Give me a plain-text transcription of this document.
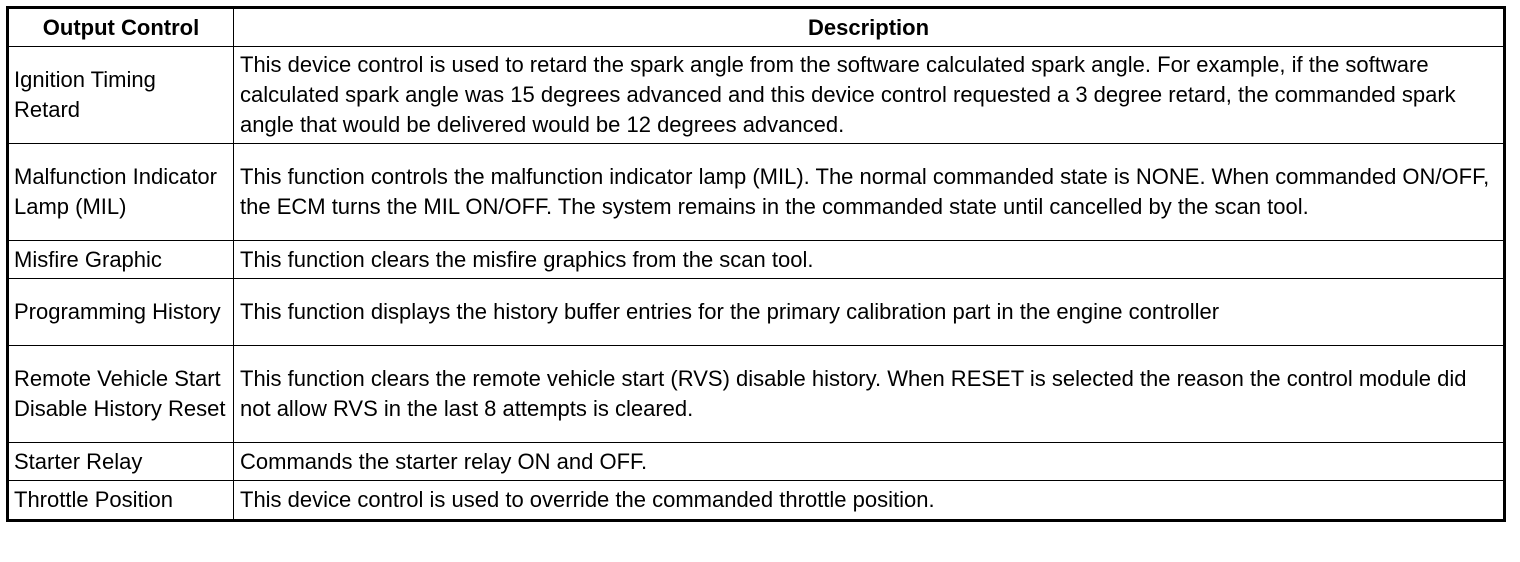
Output Control	Description
Ignition Timing Retard	This device control is used to retard the spark angle from the software calculated spark angle. For example, if the software calculated spark angle was 15 degrees advanced and this device control requested a 3 degree retard, the commanded spark angle that would be delivered would be 12 degrees advanced.
Malfunction Indicator Lamp (MIL)	This function controls the malfunction indicator lamp (MIL). The normal commanded state is NONE. When commanded ON/OFF, the ECM turns the MIL ON/OFF. The system remains in the commanded state until cancelled by the scan tool.
Misfire Graphic	This function clears the misfire graphics from the scan tool.
Programming History	This function displays the history buffer entries for the primary calibration part in the engine controller
Remote Vehicle Start Disable History Reset	This function clears the remote vehicle start (RVS) disable history. When RESET is selected the reason the control module did not allow RVS in the last 8 attempts is cleared.
Starter Relay	Commands the starter relay ON and OFF.
Throttle Position	This device control is used to override the commanded throttle position.
